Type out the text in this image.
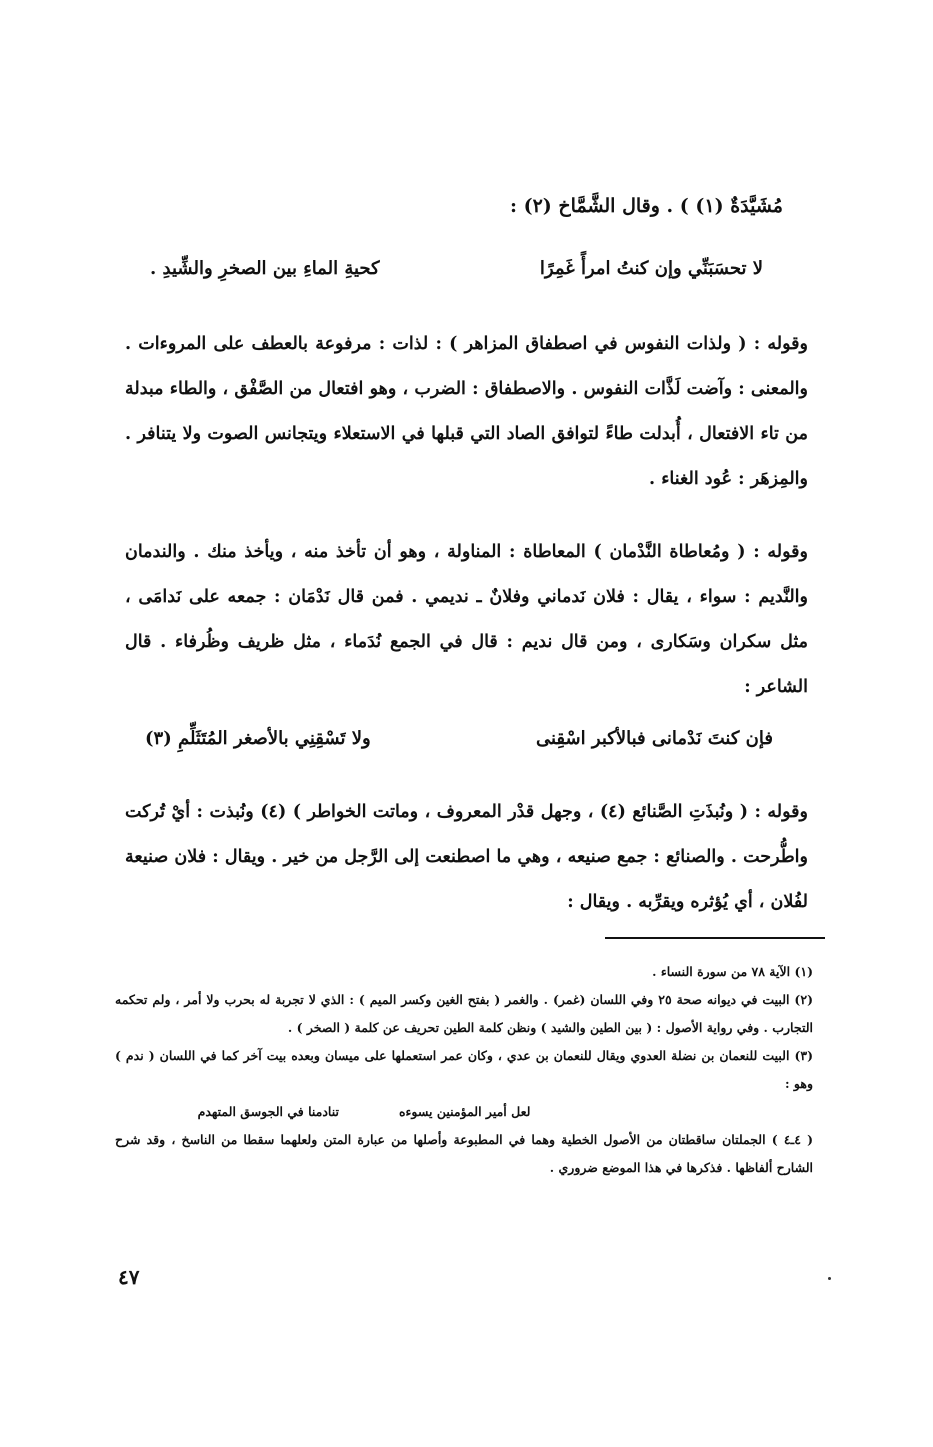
مُشَيَّدَةٌ (١) ) . وقال الشَّمَّاخ (٢) :
لا تحسَبَنِّي وإن كنتُ امرأً غَمِرًا
كحيةِ الماءِ بين الصخرِ والشِّيدِ .
وقوله : ( ولذات النفوس في اصطفاق المزاهر ) : لذات : مرفوعة بالعطف على المروءات . والمعنى : وآضت لَذَّات النفوس . والاصطفاق : الضرب ، وهو افتعال من الصَّفْق ، والطاء مبدلة من تاء الافتعال ، أُبدلت طاءً لتوافق الصاد التي قبلها في الاستعلاء ويتجانس الصوت ولا يتنافر . والمِزهَر : عُود الغناء .
وقوله : ( ومُعاطاة النَّدْمان ) المعاطاة : المناولة ، وهو أن تأخذ منه ، ويأخذ منك . والندمان والنَّديم : سواء ، يقال : فلان نَدماني وفلانٌ ـ نديمي . فمن قال نَدْمَان : جمعه على نَدامَى ، مثل سكران وسَكارى ، ومن قال نديم : قال في الجمع نُدَماء ، مثل ظريف وظُرفاء . قال الشاعر :
فإن كنتَ نَدْمانى فبالأكبر اسْقِنى
ولا تَسْقِنِي بالأصغر المُتَثَلِّمِ (٣)
وقوله : ( ونُبذَتِ الصَّنائع (٤) ، وجهل قدْر المعروف ، وماتت الخواطر ) (٤) ونُبذت : أيْ تُركت واطُّرحت . والصنائع : جمع صنيعه ، وهي ما اصطنعت إلى الرَّجل من خير . ويقال : فلان صنيعة لفُلان ، أي يُؤثره ويقرِّبه . ويقال :
(١) الآية ٧٨ من سورة النساء .
(٢) البيت في ديوانه صحة ٢٥ وفي اللسان (غمر) . والغمر ( بفتح الغين وكسر الميم ) : الذي لا تجربة له بحرب ولا أمر ، ولم تحكمه التجارب . وفي رواية الأصول : ( بين الطين والشيد ) ونظن كلمة الطين تحريف عن كلمة ( الصخر ) .
(٣) البيت للنعمان بن نضلة العدوي ويقال للنعمان بن عدي ، وكان عمر استعملها على ميسان وبعده بيت آخر كما في اللسان ( ندم ) وهو :
لعل أمير المؤمنين يسوءه
تنادمنا في الجوسق المتهدم
( ٤ـ٤ ) الجملتان ساقطتان من الأصول الخطية وهما في المطبوعة وأصلها من عبارة المتن ولعلهما سقطا من الناسخ ، وقد شرح الشارح ألفاظها . فذكرها في هذا الموضع ضروري .
٤٧
